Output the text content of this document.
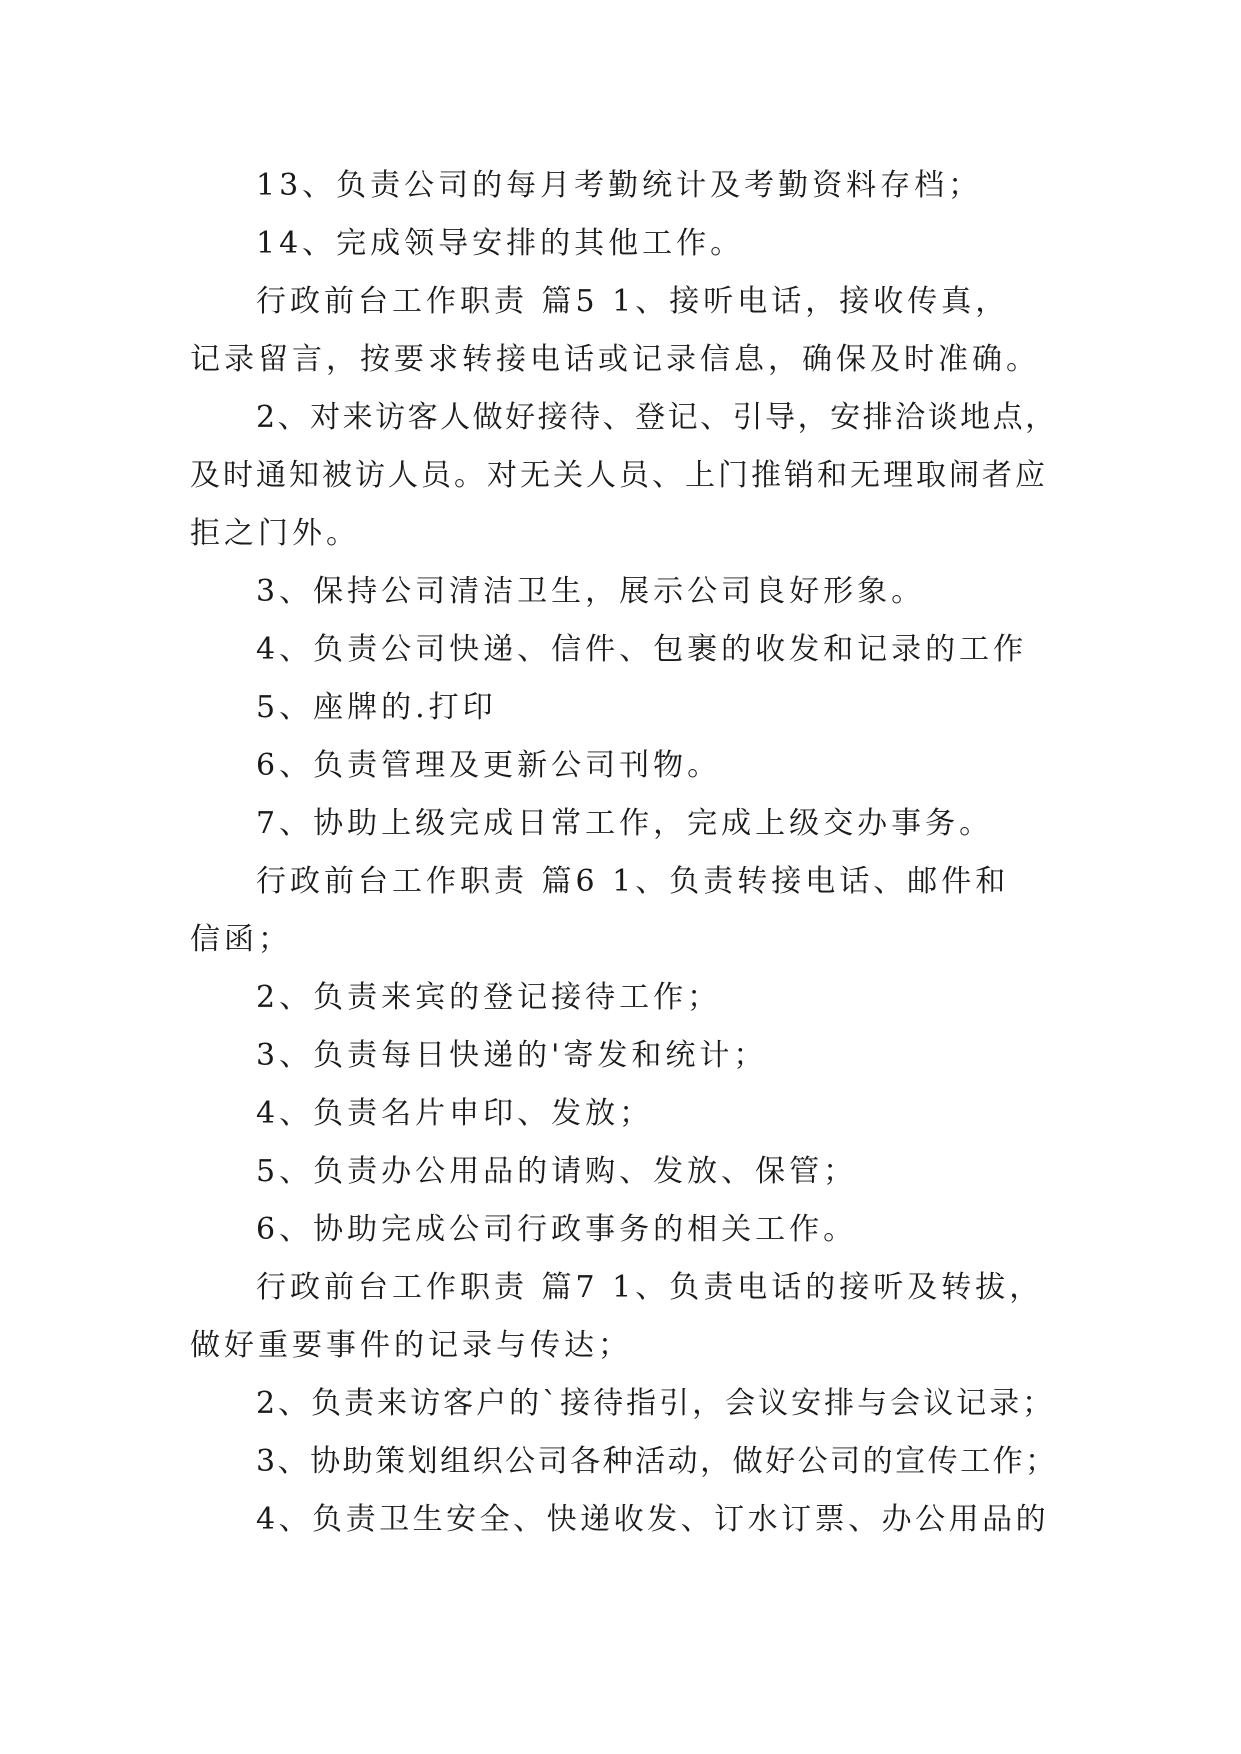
13、负责公司的每月考勤统计及考勤资料存档；
14、完成领导安排的其他工作。
行政前台工作职责 篇5 1、接听电话，接收传真，
记录留言，按要求转接电话或记录信息，确保及时准确。
2、对来访客人做好接待、登记、引导，安排洽谈地点，
及时通知被访人员。对无关人员、上门推销和无理取闹者应
拒之门外。
3、保持公司清洁卫生，展示公司良好形象。
4、负责公司快递、信件、包裹的收发和记录的工作
5、座牌的.打印
6、负责管理及更新公司刊物。
7、协助上级完成日常工作，完成上级交办事务。
行政前台工作职责 篇6 1、负责转接电话、邮件和
信函；
2、负责来宾的登记接待工作；
3、负责每日快递的'寄发和统计；
4、负责名片申印、发放；
5、负责办公用品的请购、发放、保管；
6、协助完成公司行政事务的相关工作。
行政前台工作职责 篇7 1、负责电话的接听及转拔，
做好重要事件的记录与传达；
2、负责来访客户的`接待指引，会议安排与会议记录；
3、协助策划组织公司各种活动，做好公司的宣传工作；
4、负责卫生安全、快递收发、订水订票、办公用品的
